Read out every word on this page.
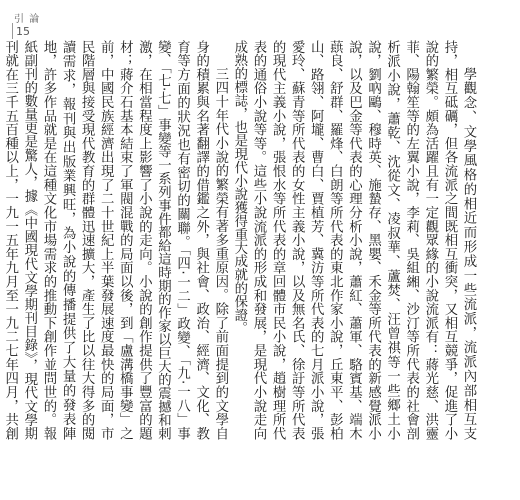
引 論
15

學觀念、文學風格的相近而形成一些流派，流派內部相互支持，相互砥礪，但各流派之間既相互衝突，又相互競爭，促進了小說的繁榮。頗為活躍且有一定觀眾緣的小說流派有：蔣光慈、洪靈菲、陽翰笙等的左翼小說，李莉、吳組緗、沙汀等所代表的社會剖析派小說，蕭乾、沈從文、凌叔華、蘆焚、汪曾祺等一些鄉土小說，劉吶鷗、穆時英、施蟄存、黑嬰、禾金等所代表的新感覺派小說，以及巴金等代表的心理分析小說，蕭紅、蕭軍、駱賓基、端木蕻良、舒群、羅烽、白朗等所代表的東北作家小說，丘東平、彭柏山、路翎、阿壠、曹白、賈植芳、冀汸等所代表的七月派小說，張愛玲、蘇青等所代表的女性主義小說，以及無名氏、徐訏等所代表的現代主義小說，張恨水等所代表的章回體市民小說，趙樹理所代表的通俗小說等等。這些小說流派的形成和發展，是現代小說走向成熟的標誌，也是現代小說獲得重大成就的保證。

三四十年代小說的繁榮有著多重原因。除了前面提到的文學自身的積累與名著翻譯的借鑑之外，與社會、政治、經濟、文化、教育等方面的狀況也有密切的關聯。「四‧一二」政變、「九‧一八」事變、「七‧七」事變等一系列事件都給這時期的作家以巨大的震撼和刺激，在相當程度上影響了小說的走向。小說的創作提供了豐富的題材；蔣介石基本結束了軍閥混戰的局面以後，到「盧溝橋事變」之前，中國民族經濟出現了二十世紀上半葉發展速度最快的局面，市民階層與接受現代教育的群體迅速擴大，產生了比以往大得多的閱讀需求，報刊與出版業興旺，為小說的傳播提供了大量的發表陣地，許多作品就是在這種文化市場需求的推動下創作並問世的。報紙副刊的數量更是驚人，據《中國現代文學期刊目錄》，現代文學期刊就在三千五百種以上，一九一五年九月至一九二七年四月，共創
